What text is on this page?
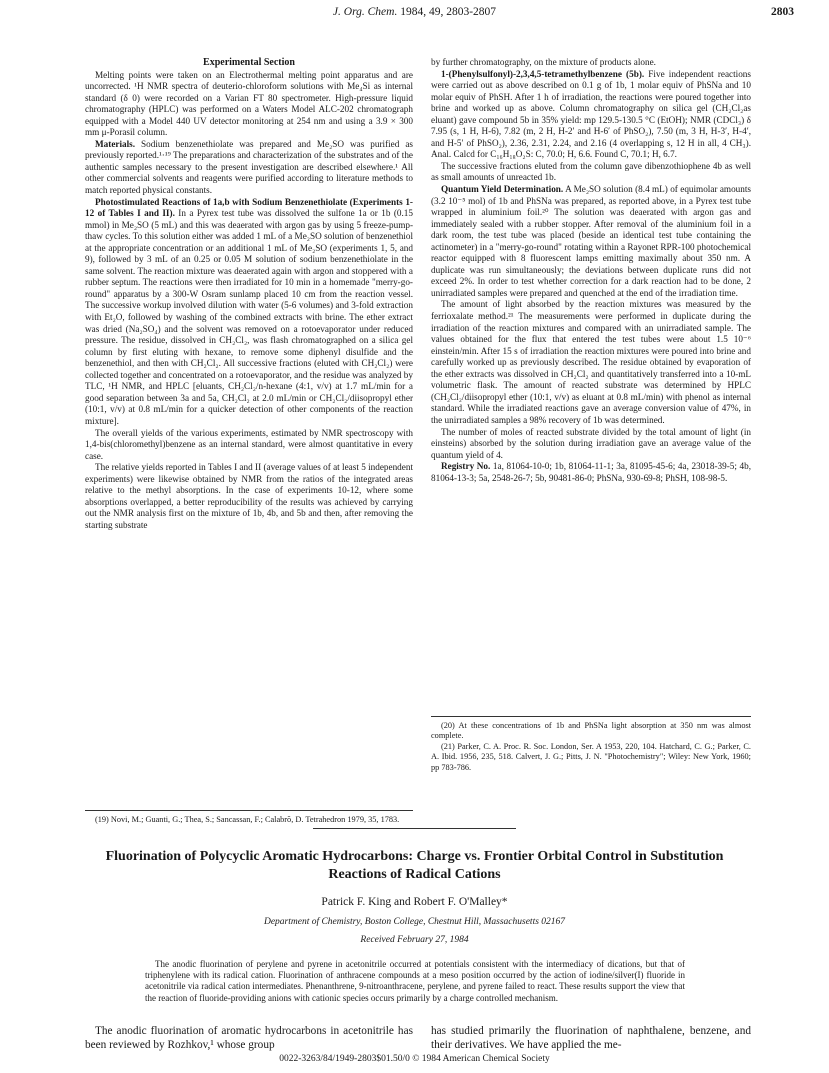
J. Org. Chem. 1984, 49, 2803-2807	2803
Experimental Section

Melting points were taken on an Electrothermal melting point apparatus and are uncorrected. ¹H NMR spectra of deuterio-chloroform solutions with Me₄Si as internal standard (δ 0) were recorded on a Varian FT 80 spectrometer. High-pressure liquid chromatography (HPLC) was performed on a Waters Model ALC-202 chromatograph equipped with a Model 440 UV detector monitoring at 254 nm and using a 3.9 × 300 mm μ-Porasil column.

Materials. Sodium benzenethiolate was prepared and Me₂SO was purified as previously reported.¹·¹⁹ The preparations and characterization of the substrates and of the authentic samples necessary to the present investigation are described elsewhere.¹ All other commercial solvents and reagents were purified according to literature methods to match reported physical constants.

Photostimulated Reactions of 1a,b with Sodium Benzenethiolate (Experiments 1-12 of Tables I and II). In a Pyrex test tube was dissolved the sulfone 1a or 1b (0.15 mmol) in Me₂SO (5 mL) and this was deaerated with argon gas by using 5 freeze-pump-thaw cycles. To this solution either was added 1 mL of a Me₂SO solution of benzenethiol at the appropriate concentration or an additional 1 mL of Me₂SO (experiments 1, 5, and 9), followed by 3 mL of an 0.25 or 0.05 M solution of sodium benzenethiolate in the same solvent. The reaction mixture was deaerated again with argon and stoppered with a rubber septum. The reactions were then irradiated for 10 min in a homemade "merry-go-round" apparatus by a 300-W Osram sunlamp placed 10 cm from the reaction vessel. The successive workup involved dilution with water (5-6 volumes) and 3-fold extraction with Et₂O, followed by washing of the combined extracts with brine. The ether extract was dried (Na₂SO₄) and the solvent was removed on a rotoevaporator under reduced pressure. The residue, dissolved in CH₂Cl₂, was flash chromatographed on a silica gel column by first eluting with hexane, to remove some diphenyl disulfide and the benzenethiol, and then with CH₂Cl₂. All successive fractions (eluted with CH₂Cl₂) were collected together and concentrated on a rotoevaporator, and the residue was analyzed by TLC, ¹H NMR, and HPLC [eluants, CH₂Cl₂/n-hexane (4:1, v/v) at 1.7 mL/min for a good separation between 3a and 5a, CH₂Cl₂ at 2.0 mL/min or CH₂Cl₂/diisopropyl ether (10:1, v/v) at 0.8 mL/min for a quicker detection of other components of the reaction mixture].

The overall yields of the various experiments, estimated by NMR spectroscopy with 1,4-bis(chloromethyl)benzene as an internal standard, were almost quantitative in every case.

The relative yields reported in Tables I and II (average values of at least 5 independent experiments) were likewise obtained by NMR from the ratios of the integrated areas relative to the methyl absorptions. In the case of experiments 10-12, where some absorptions overlapped, a better reproducibility of the results was achieved by carrying out the NMR analysis first on the mixture of 1b, 4b, and 5b and then, after removing the starting substrate

by further chromatography, on the mixture of products alone.

1-(Phenylsulfonyl)-2,3,4,5-tetramethylbenzene (5b). Five independent reactions were carried out as above described on 0.1 g of 1b, 1 molar equiv of PhSNa and 10 molar equiv of PhSH. After 1 h of irradiation, the reactions were poured together into brine and worked up as above. Column chromatography on silica gel (CH₂Cl₂as eluant) gave compound 5b in 35% yield: mp 129.5-130.5 °C (EtOH); NMR (CDCl₃) δ 7.95 (s, 1 H, H-6), 7.82 (m, 2 H, H-2′ and H-6′ of PhSO₂), 7.50 (m, 3 H, H-3′, H-4′, and H-5′ of PhSO₂), 2.36, 2.31, 2.24, and 2.16 (4 overlapping s, 12 H in all, 4 CH₃). Anal. Calcd for C₁₆H₁₈O₂S: C, 70.0; H, 6.6. Found C, 70.1; H, 6.7.

The successive fractions eluted from the column gave dibenzothiophene 4b as well as small amounts of unreacted 1b.

Quantum Yield Determination. A Me₂SO solution (8.4 mL) of equimolar amounts (3.2 10⁻⁵ mol) of 1b and PhSNa was prepared, as reported above, in a Pyrex test tube wrapped in aluminium foil.²⁰ The solution was deaerated with argon gas and immediately sealed with a rubber stopper. After removal of the aluminium foil in a dark room, the test tube was placed (beside an identical test tube containing the actinometer) in a "merry-go-round" rotating within a Rayonet RPR-100 photochemical reactor equipped with 8 fluorescent lamps emitting maximally about 350 nm. A duplicate was run simultaneously; the deviations between duplicate runs did not exceed 2%. In order to test whether correction for a dark reaction had to be done, 2 unirradiated samples were prepared and quenched at the end of the irradiation time.

The amount of light absorbed by the reaction mixtures was measured by the ferrioxalate method.²¹ The measurements were performed in duplicate during the irradiation of the reaction mixtures and compared with an unirradiated sample. The values obtained for the flux that entered the test tubes were about 1.5 10⁻⁶ einstein/min. After 15 s of irradiation the reaction mixtures were poured into brine and carefully worked up as previously described. The residue obtained by evaporation of the ether extracts was dissolved in CH₂Cl₂ and quantitatively transferred into a 10-mL volumetric flask. The amount of reacted substrate was determined by HPLC (CH₂Cl₂/diisopropyl ether (10:1, v/v) as eluant at 0.8 mL/min) with phenol as internal standard. While the irradiated reactions gave an average conversion value of 47%, in the unirradiated samples a 98% recovery of 1b was determined.

The number of moles of reacted substrate divided by the total amount of light (in einsteins) absorbed by the solution during irradiation gave an average value of the quantum yield of 4.

Registry No. 1a, 81064-10-0; 1b, 81064-11-1; 3a, 81095-45-6; 4a, 23018-39-5; 4b, 81064-13-3; 5a, 2548-26-7; 5b, 90481-86-0; PhSNa, 930-69-8; PhSH, 108-98-5.

(19) Novi, M.; Guanti, G.; Thea, S.; Sancassan, F.; Calabrõ, D. Tetrahedron 1979, 35, 1783.

(20) At these concentrations of 1b and PhSNa light absorption at 350 nm was almost complete.

(21) Parker, C. A. Proc. R. Soc. London, Ser. A 1953, 220, 104. Hatchard, C. G.; Parker, C. A. Ibid. 1956, 235, 518. Calvert, J. G.; Pitts, J. N. "Photochemistry"; Wiley: New York, 1960; pp 783-786.

Fluorination of Polycyclic Aromatic Hydrocarbons: Charge vs. Frontier Orbital Control in Substitution Reactions of Radical Cations
Patrick F. King and Robert F. O'Malley*
Department of Chemistry, Boston College, Chestnut Hill, Massachusetts 02167
Received February 27, 1984

The anodic fluorination of perylene and pyrene in acetonitrile occurred at potentials consistent with the intermediacy of dications, but that of triphenylene with its radical cation. Fluorination of anthracene compounds at a meso position occurred by the action of iodine/silver(I) fluoride in acetonitrile via radical cation intermediates. Phenanthrene, 9-nitroanthracene, perylene, and pyrene failed to react. These results support the view that the reaction of fluoride-providing anions with cationic species occurs primarily by a charge controlled mechanism.

The anodic fluorination of aromatic hydrocarbons in acetonitrile has been reviewed by Rozhkov,¹ whose group

has studied primarily the fluorination of naphthalene, benzene, and their derivatives. We have applied the me-

0022-3263/84/1949-2803$01.50/0 © 1984 American Chemical Society
